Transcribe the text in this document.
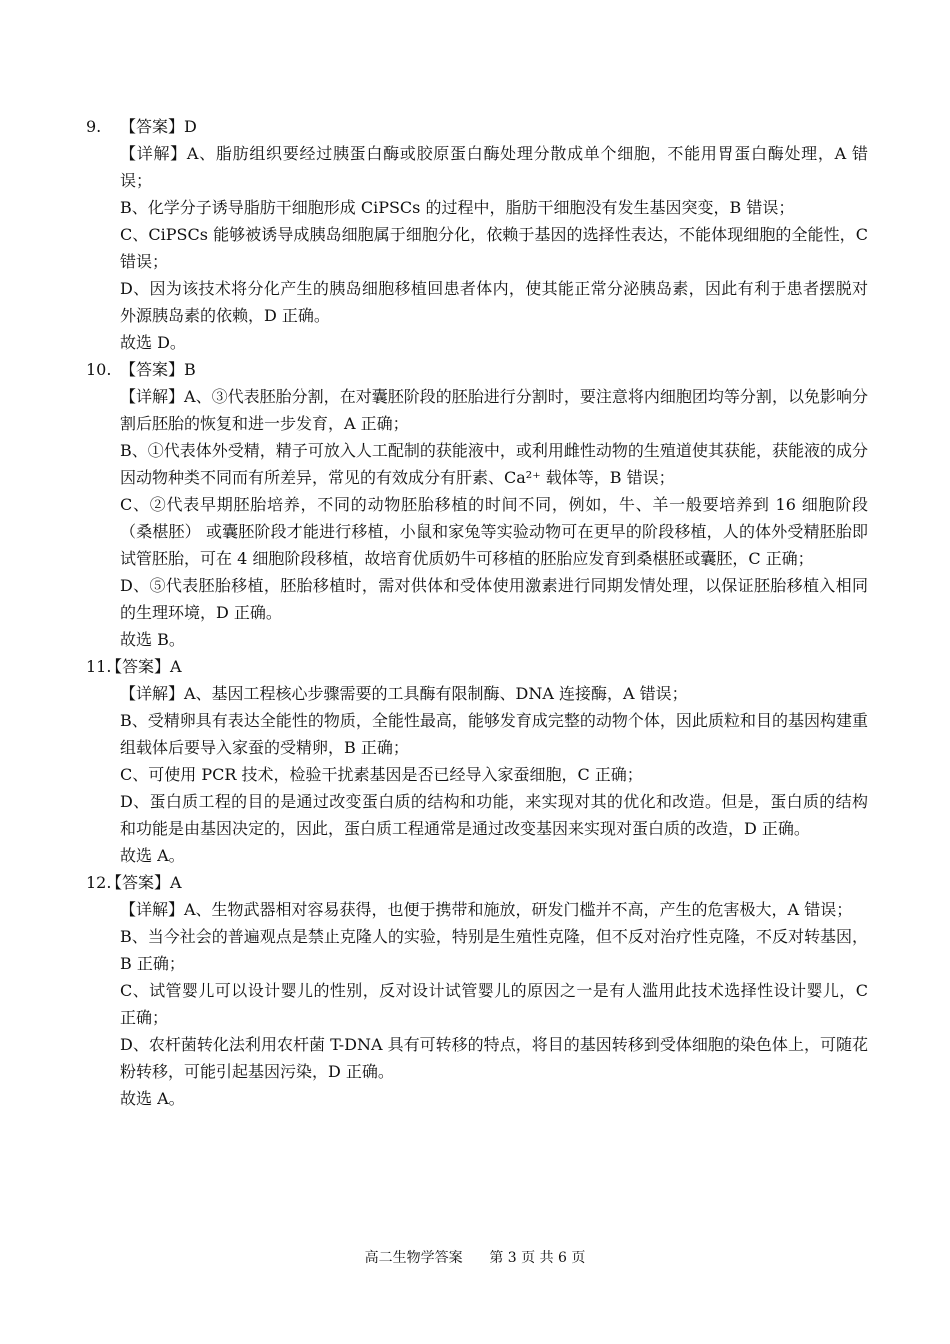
9. 【答案】D

【详解】A、脂肪组织要经过胰蛋白酶或胶原蛋白酶处理分散成单个细胞，不能用胃蛋白酶处理，A 错误；

B、化学分子诱导脂肪干细胞形成 CiPSCs 的过程中，脂肪干细胞没有发生基因突变，B 错误；

C、CiPSCs 能够被诱导成胰岛细胞属于细胞分化，依赖于基因的选择性表达，不能体现细胞的全能性，C 错误；

D、因为该技术将分化产生的胰岛细胞移植回患者体内，使其能正常分泌胰岛素，因此有利于患者摆脱对外源胰岛素的依赖，D 正确。

故选 D。

10. 【答案】B

【详解】A、③代表胚胎分割，在对囊胚阶段的胚胎进行分割时，要注意将内细胞团均等分割，以免影响分割后胚胎的恢复和进一步发育，A 正确；

B、①代表体外受精，精子可放入人工配制的获能液中，或利用雌性动物的生殖道使其获能，获能液的成分因动物种类不同而有所差异，常见的有效成分有肝素、Ca²⁺ 载体等，B 错误；

C、②代表早期胚胎培养，不同的动物胚胎移植的时间不同，例如，牛、羊一般要培养到 16 细胞阶段 （桑椹胚） 或囊胚阶段才能进行移植，小鼠和家兔等实验动物可在更早的阶段移植，人的体外受精胚胎即试管胚胎，可在 4 细胞阶段移植，故培育优质奶牛可移植的胚胎应发育到桑椹胚或囊胚，C 正确；

D、⑤代表胚胎移植，胚胎移植时，需对供体和受体使用激素进行同期发情处理，以保证胚胎移植入相同的生理环境，D 正确。

故选 B。

11.【答案】A

【详解】A、基因工程核心步骤需要的工具酶有限制酶、DNA 连接酶，A 错误；

B、受精卵具有表达全能性的物质，全能性最高，能够发育成完整的动物个体，因此质粒和目的基因构建重组载体后要导入家蚕的受精卵，B 正确；

C、可使用 PCR 技术，检验干扰素基因是否已经导入家蚕细胞，C 正确；

D、蛋白质工程的目的是通过改变蛋白质的结构和功能，来实现对其的优化和改造。但是，蛋白质的结构和功能是由基因决定的，因此，蛋白质工程通常是通过改变基因来实现对蛋白质的改造，D 正确。

故选 A。

12.【答案】A

【详解】A、生物武器相对容易获得，也便于携带和施放，研发门槛并不高，产生的危害极大，A 错误；

B、当今社会的普遍观点是禁止克隆人的实验，特别是生殖性克隆，但不反对治疗性克隆，不反对转基因，B 正确；

C、试管婴儿可以设计婴儿的性别，反对设计试管婴儿的原因之一是有人滥用此技术选择性设计婴儿，C 正确；

D、农杆菌转化法利用农杆菌 T-DNA 具有可转移的特点，将目的基因转移到受体细胞的染色体上，可随花粉转移，可能引起基因污染，D 正确。

故选 A。

高二生物学答案 第 3 页 共 6 页
